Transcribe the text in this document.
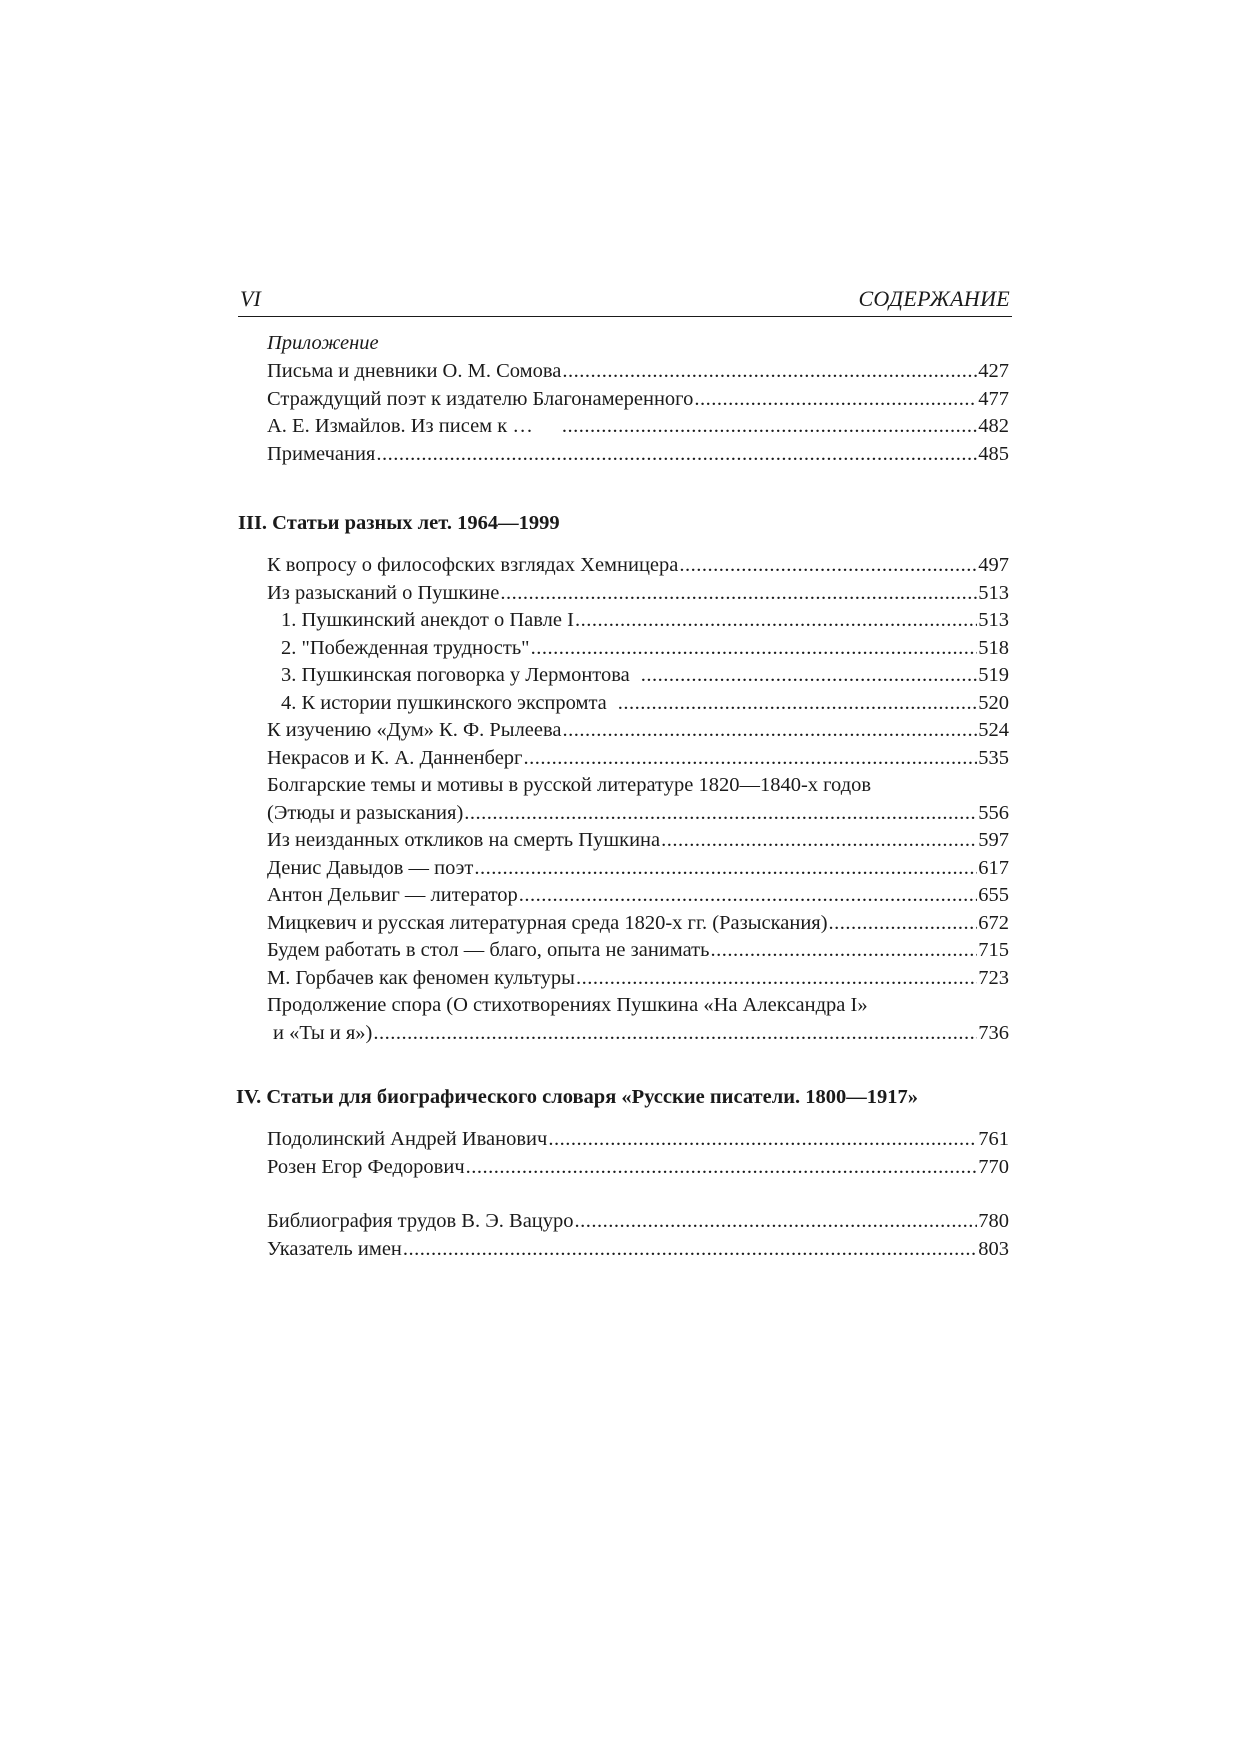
VI	СОДЕРЖАНИЕ
Приложение
Письма и дневники О. М. Сомова .....	427
Страждущий поэт к издателю Благонамеренного .....	477
А. Е. Измайлов. Из писем к … .....	482
Примечания .....	485
III. Статьи разных лет. 1964—1999
К вопросу о философских взглядах Хемницера .....	497
Из разысканий о Пушкине .....	513
1. Пушкинский анекдот о Павле I .....	513
2. "Побежденная трудность" .....	518
3. Пушкинская поговорка у Лермонтова .....	519
4. К истории пушкинского экспромта .....	520
К изучению «Дум» К. Ф. Рылеева .....	524
Некрасов и К. А. Данненберг .....	535
Болгарские темы и мотивы в русской литературе 1820—1840-х годов
(Этюды и разыскания) .....	556
Из неизданных откликов на смерть Пушкина .....	597
Денис Давыдов — поэт .....	617
Антон Дельвиг — литератор .....	655
Мицкевич и русская литературная среда 1820-х гг. (Разыскания) .....	672
Будем работать в стол — благо, опыта не занимать .....	715
М. Горбачев как феномен культуры .....	723
Продолжение спора (О стихотворениях Пушкина «На Александра I»
и «Ты и я») .....	736
IV. Статьи для биографического словаря «Русские писатели. 1800—1917»
Подолинский Андрей Иванович .....	761
Розен Егор Федорович .....	770
Библиография трудов В. Э. Вацуро .....	780
Указатель имен .....	803
